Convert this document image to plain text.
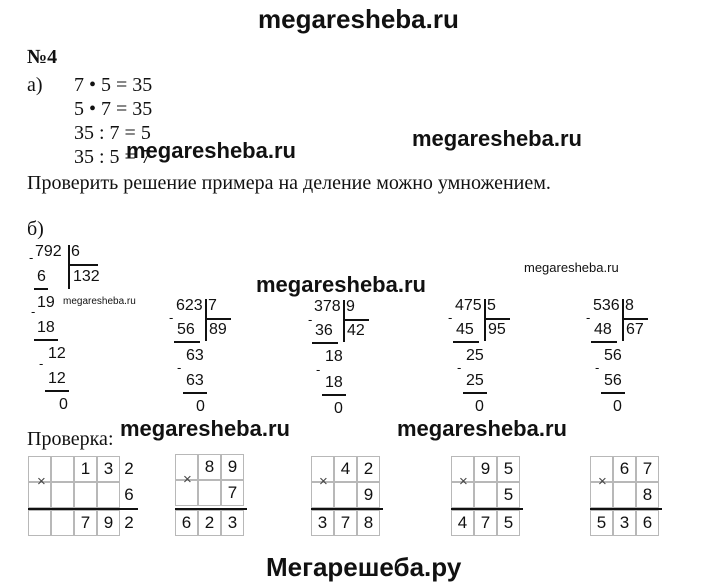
megaresheba.ru
megaresheba.ru
megaresheba.ru
megaresheba.ru
megaresheba.ru
megaresheba.ru
megaresheba.ru	megaresheba.ru
Мегарешеба.ру
№4
а) 7 • 5 = 35
5 • 7 = 35
35 : 7 = 5
35 : 5 = 7
Проверить решение примера на деление можно умножением.
б)
792 6
132
-
6
19
-
18
12
-
12
0
623 7
89
-
56
63
-
63
0
378 9
42
-
36
18
-
18
0
475 5
95
-
45
25
-
25
0
536 8
67
-
48
56
-
56
0
Проверка:
×
1 3 2
6
7 9 2
×
8 9
7
6 2 3
×
4 2
9
3 7 8
×
9 5
5
4 7 5
×
6 7
8
5 3 6
